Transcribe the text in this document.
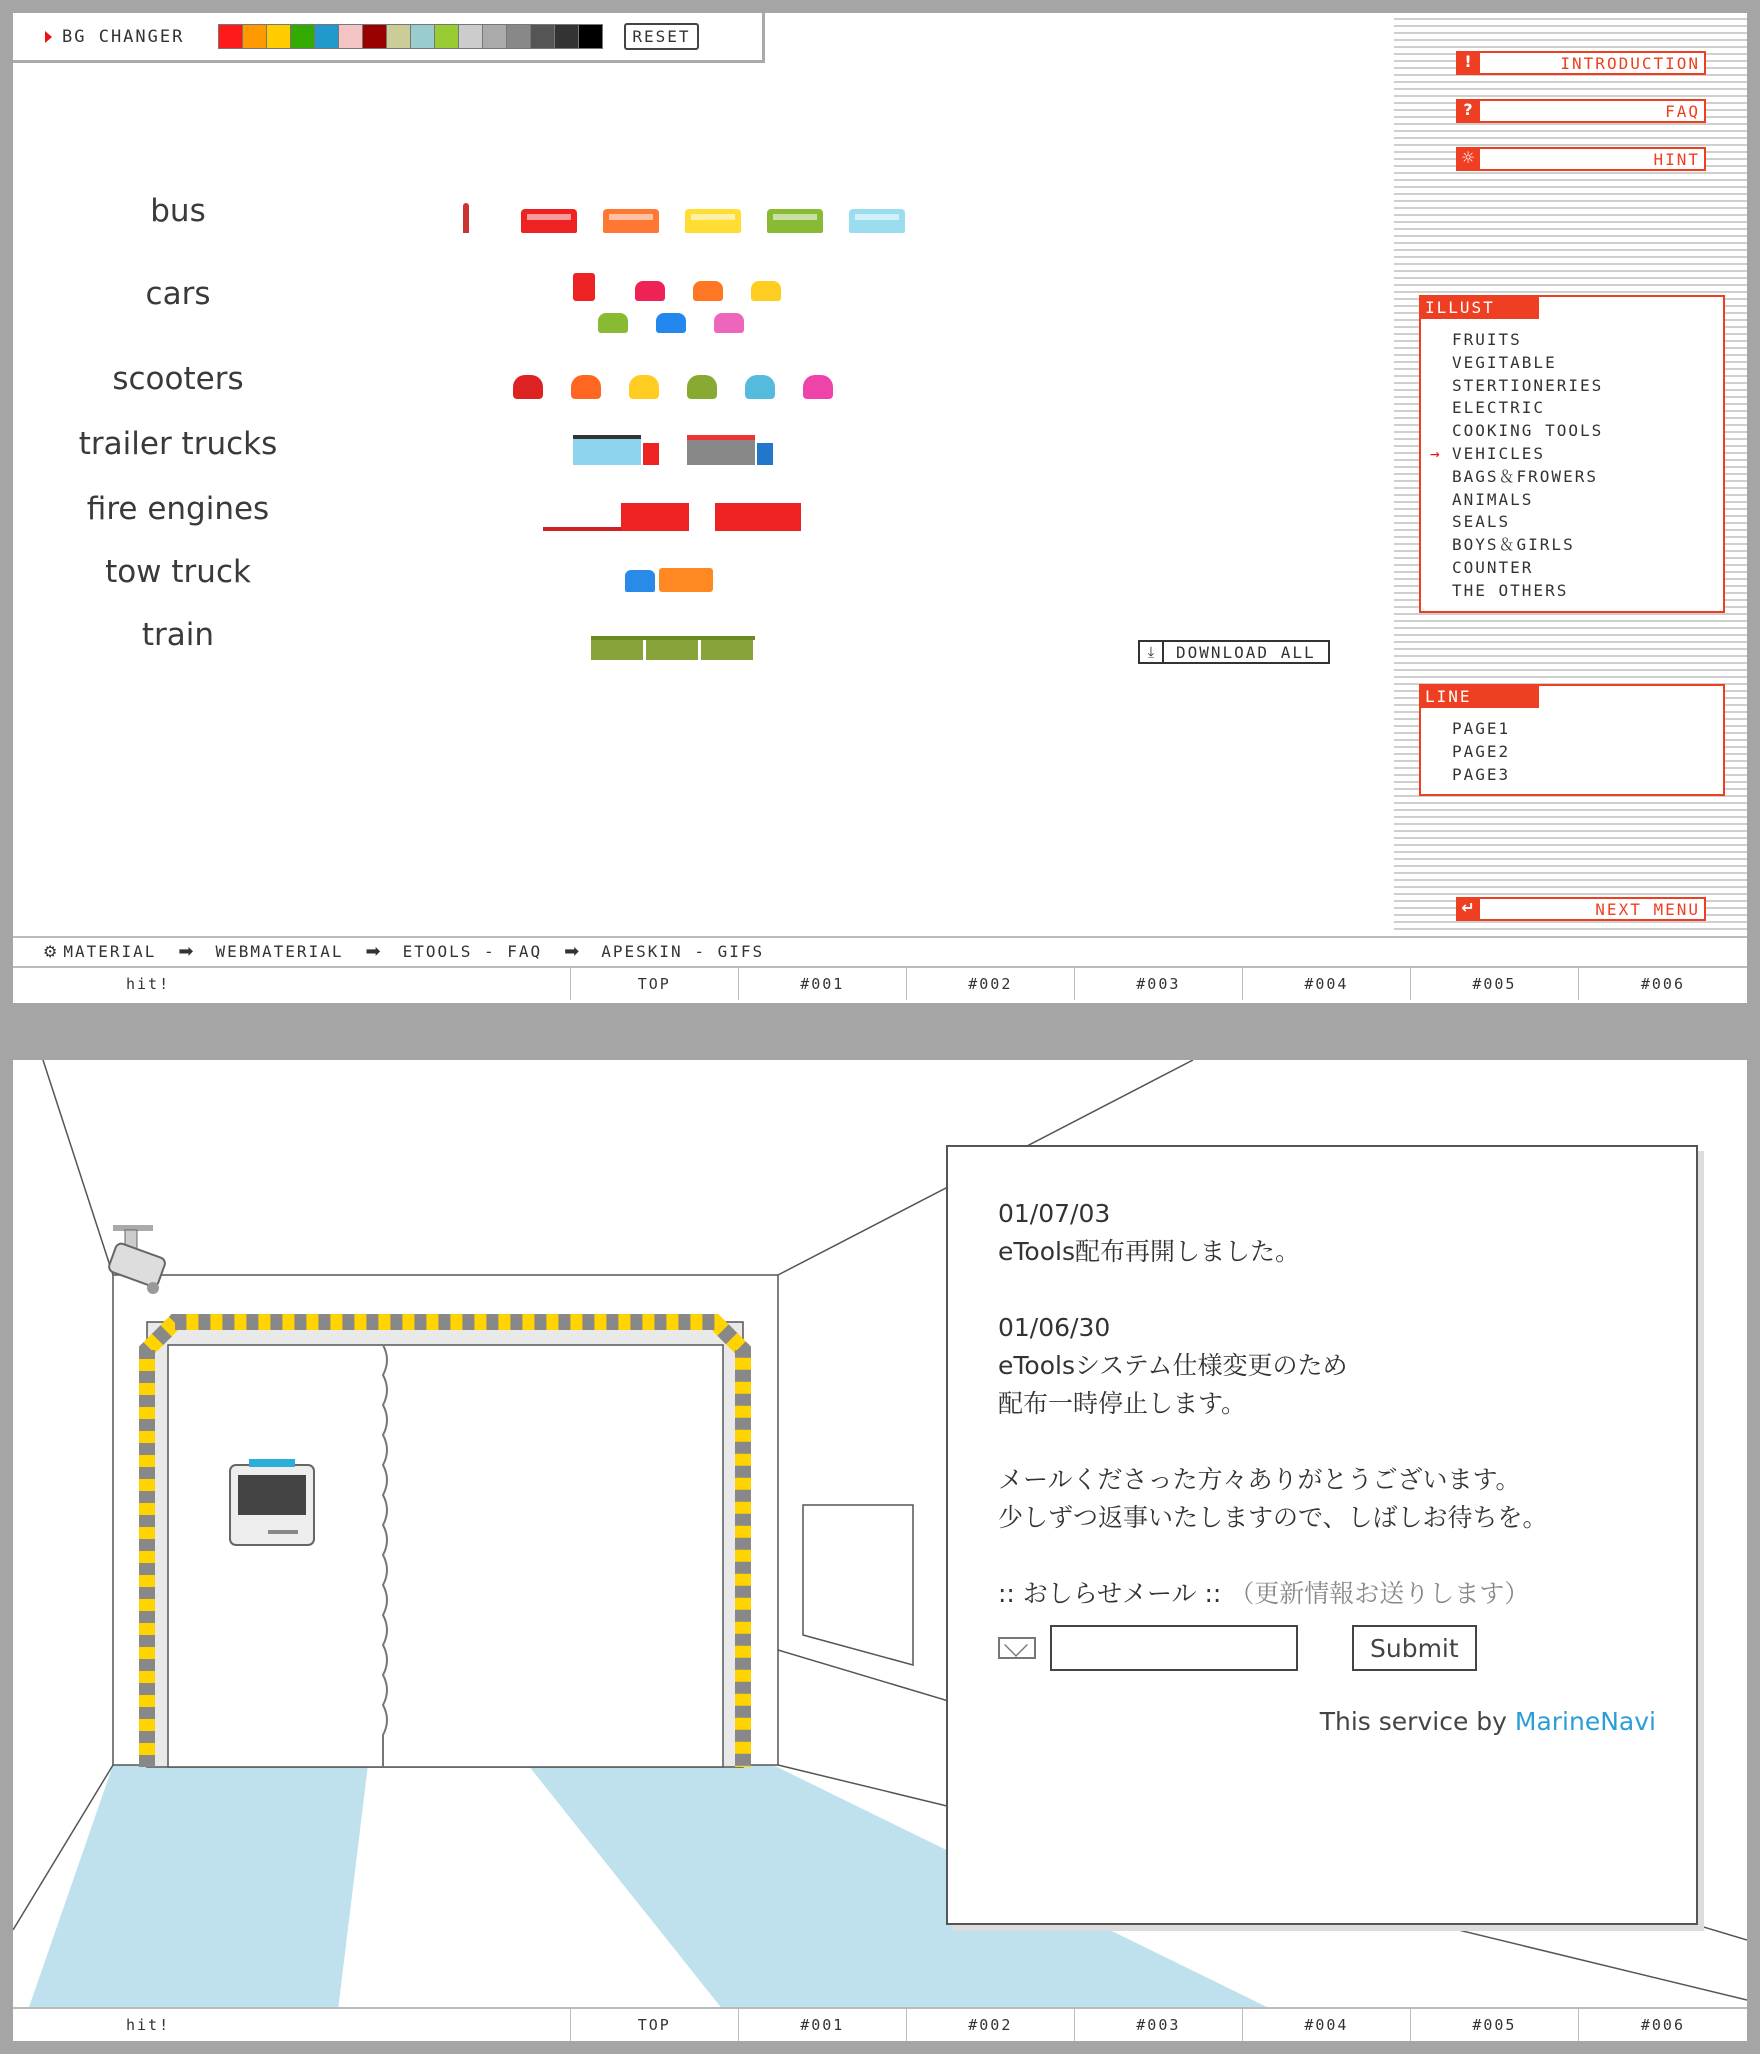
BG CHANGER	RESET
bus
cars
scooters
trailer trucks
fire engines
tow truck
train	⤓	DOWNLOAD ALL
!	INTRODUCTION
?	FAQ
☼	HINT
ILLUST
FRUITS
VEGITABLE
STERTIONERIES
ELECTRIC
COOKING TOOLS
→ VEHICLES
BAGS＆FROWERS
ANIMALS
SEALS
BOYS＆GIRLS
COUNTER
THE OTHERS
LINE
PAGE1
PAGE2
PAGE3
↵	NEXT MENU
⚙ MATERIAL ➡ WEBMATERIAL ➡ ETOOLS - FAQ ➡ APESKIN - GIFS
hit!	TOP	#001	#002	#003	#004	#005	#006
01/07/03
eTools配布再開しました。
01/06/30
eToolsシステム仕様変更のため
配布一時停止します。
メールくださった方々ありがとうございます。
少しずつ返事いたしますので、しばしお待ちを。
:: おしらせメール :: （更新情報お送りします）
Submit
This service by MarineNavi
hit!	TOP	#001	#002	#003	#004	#005	#006
